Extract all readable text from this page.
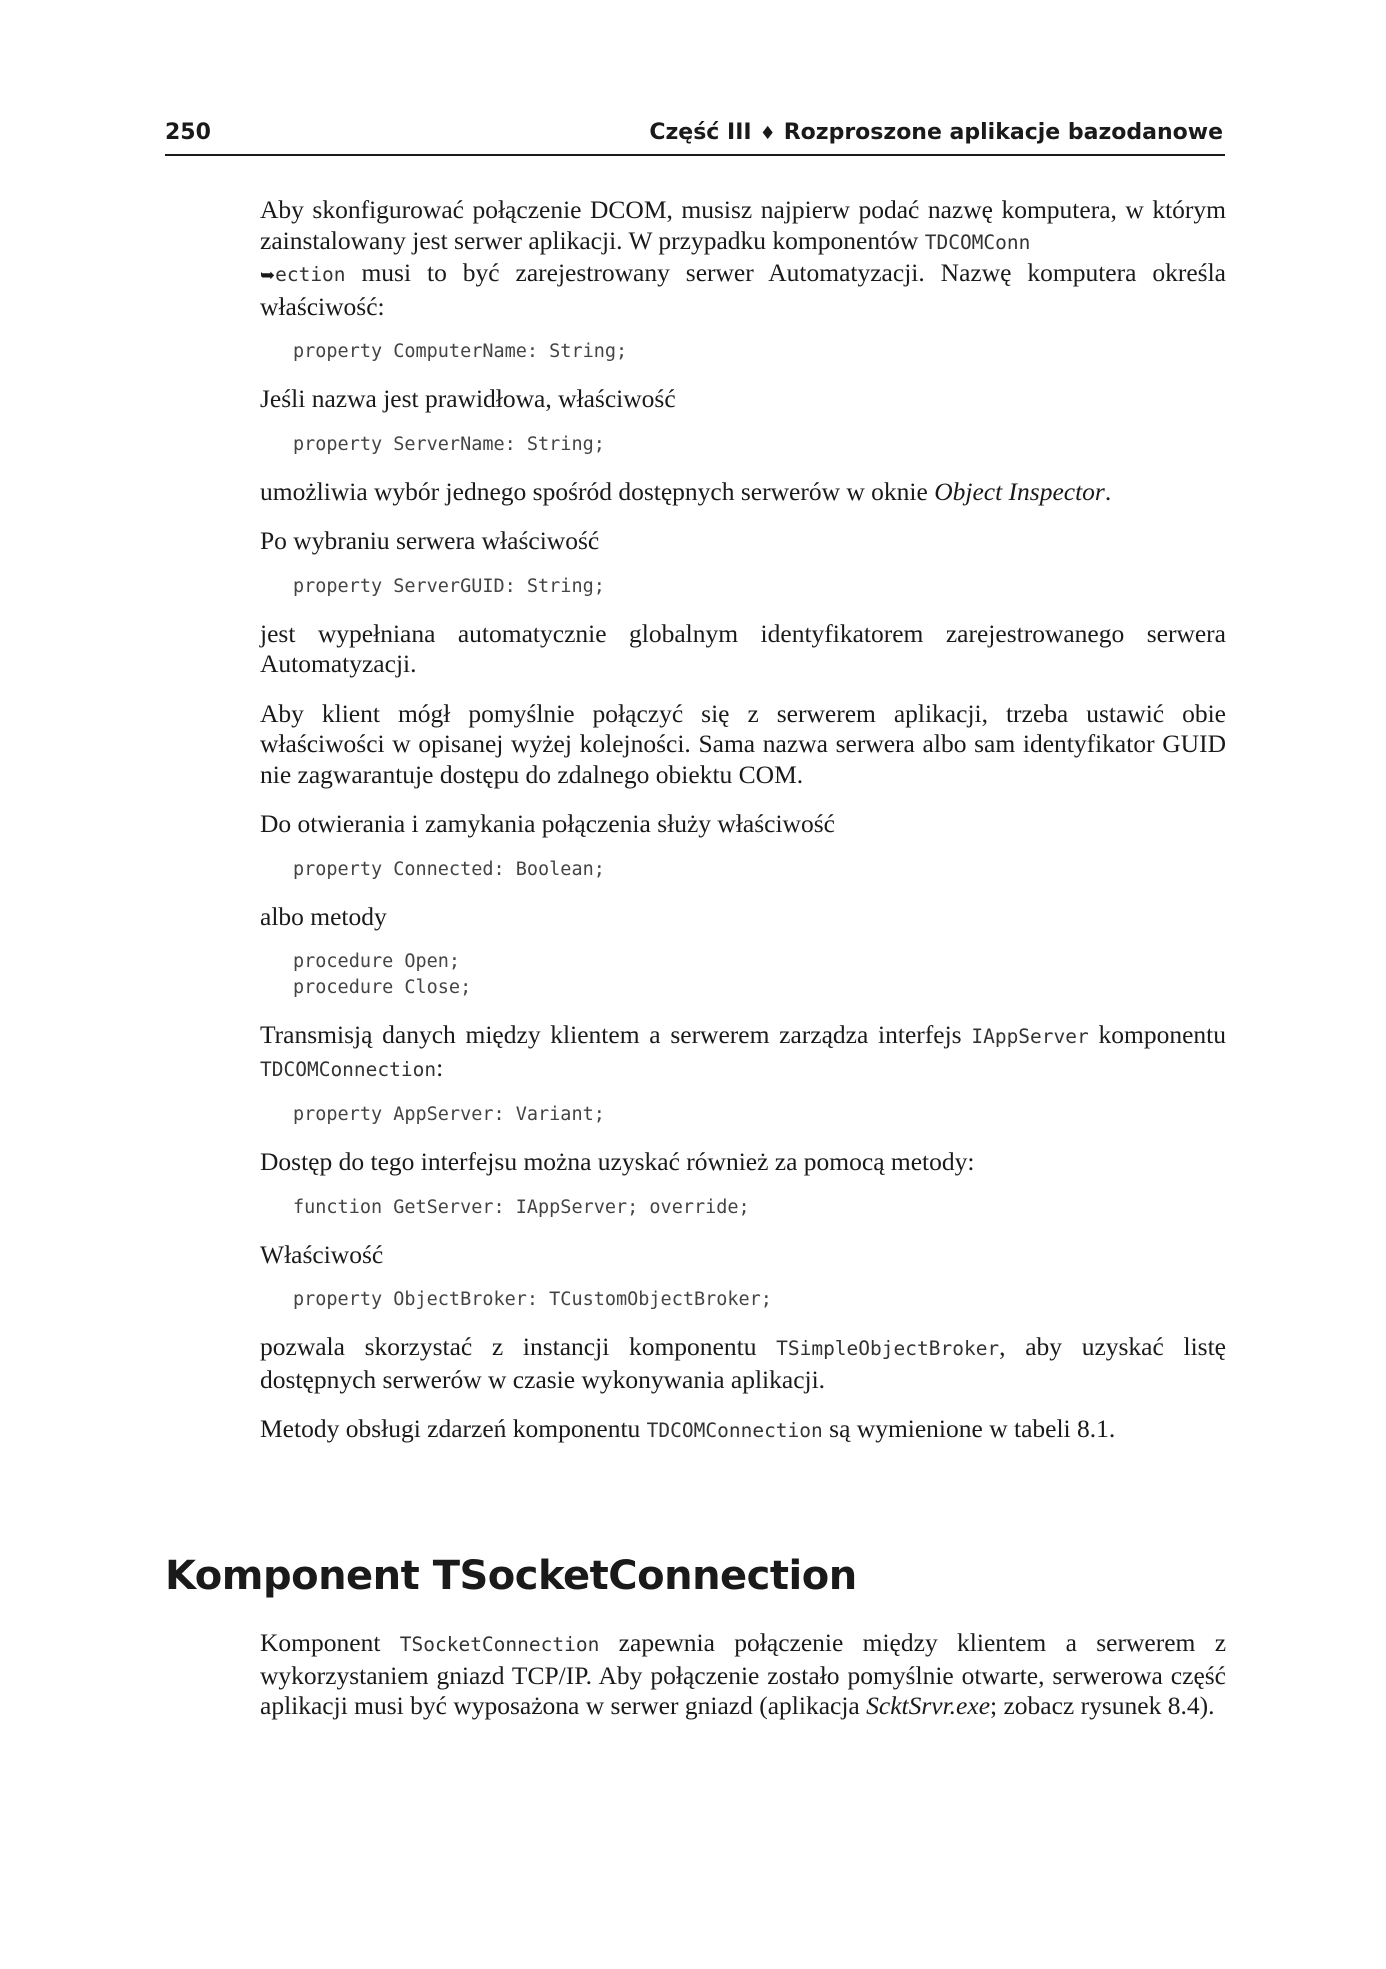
250	Część III ♦ Rozproszone aplikacje bazodanowe

Aby skonfigurować połączenie DCOM, musisz najpierw podać nazwę komputera, w którym zainstalowany jest serwer aplikacji. W przypadku komponentów TDCOMConn
➥ection musi to być zarejestrowany serwer Automatyzacji. Nazwę komputera określa właściwość:

property ComputerName: String;

Jeśli nazwa jest prawidłowa, właściwość

property ServerName: String;

umożliwia wybór jednego spośród dostępnych serwerów w oknie Object Inspector.

Po wybraniu serwera właściwość

property ServerGUID: String;

jest wypełniana automatycznie globalnym identyfikatorem zarejestrowanego serwera Automatyzacji.

Aby klient mógł pomyślnie połączyć się z serwerem aplikacji, trzeba ustawić obie właściwości w opisanej wyżej kolejności. Sama nazwa serwera albo sam identyfikator GUID nie zagwarantuje dostępu do zdalnego obiektu COM.

Do otwierania i zamykania połączenia służy właściwość

property Connected: Boolean;

albo metody

procedure Open;
procedure Close;

Transmisją danych między klientem a serwerem zarządza interfejs IAppServer komponentu TDCOMConnection:

property AppServer: Variant;

Dostęp do tego interfejsu można uzyskać również za pomocą metody:

function GetServer: IAppServer; override;

Właściwość

property ObjectBroker: TCustomObjectBroker;

pozwala skorzystać z instancji komponentu TSimpleObjectBroker, aby uzyskać listę dostępnych serwerów w czasie wykonywania aplikacji.

Metody obsługi zdarzeń komponentu TDCOMConnection są wymienione w tabeli 8.1.

Komponent TSocketConnection

Komponent TSocketConnection zapewnia połączenie między klientem a serwerem z wykorzystaniem gniazd TCP/IP. Aby połączenie zostało pomyślnie otwarte, serwerowa część aplikacji musi być wyposażona w serwer gniazd (aplikacja ScktSrvr.exe; zobacz rysunek 8.4).
